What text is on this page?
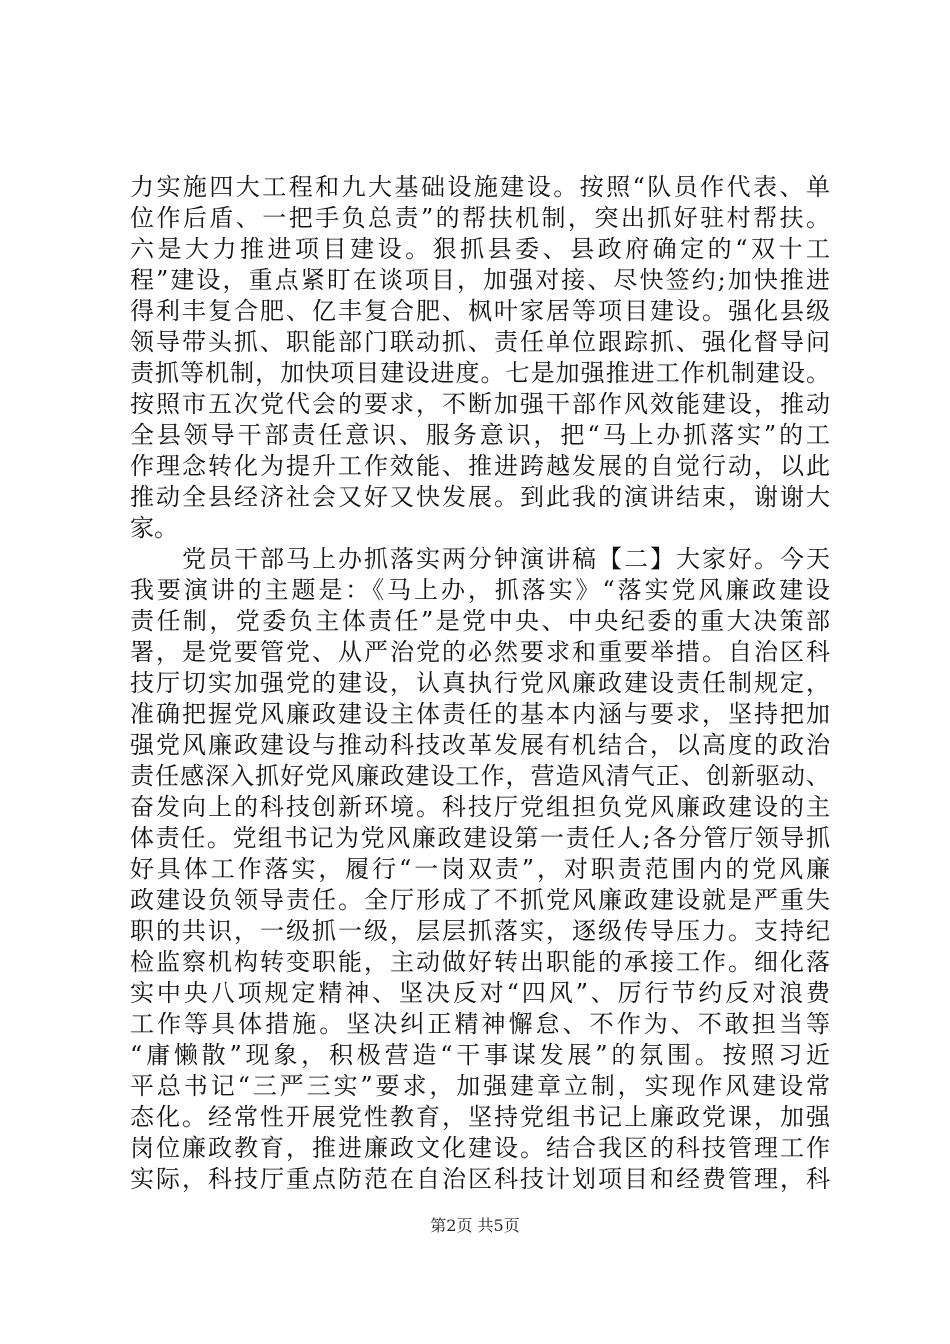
力实施四大工程和九大基础设施建设。按照“队员作代表、单
位作后盾、一把手负总责”的帮扶机制，突出抓好驻村帮扶。
六是大力推进项目建设。狠抓县委、县政府确定的“双十工
程”建设，重点紧盯在谈项目，加强对接、尽快签约;加快推进
得利丰复合肥、亿丰复合肥、枫叶家居等项目建设。强化县级
领导带头抓、职能部门联动抓、责任单位跟踪抓、强化督导问
责抓等机制，加快项目建设进度。七是加强推进工作机制建设。
按照市五次党代会的要求，不断加强干部作风效能建设，推动
全县领导干部责任意识、服务意识，把“马上办抓落实”的工
作理念转化为提升工作效能、推进跨越发展的自觉行动，以此
推动全县经济社会又好又快发展。到此我的演讲结束，谢谢大
家。
党员干部马上办抓落实两分钟演讲稿【二】大家好。今天
我要演讲的主题是：《马上办，抓落实》“落实党风廉政建设
责任制，党委负主体责任”是党中央、中央纪委的重大决策部
署，是党要管党、从严治党的必然要求和重要举措。自治区科
技厅切实加强党的建设，认真执行党风廉政建设责任制规定，
准确把握党风廉政建设主体责任的基本内涵与要求，坚持把加
强党风廉政建设与推动科技改革发展有机结合，以高度的政治
责任感深入抓好党风廉政建设工作，营造风清气正、创新驱动、
奋发向上的科技创新环境。科技厅党组担负党风廉政建设的主
体责任。党组书记为党风廉政建设第一责任人;各分管厅领导抓
好具体工作落实，履行“一岗双责”，对职责范围内的党风廉
政建设负领导责任。全厅形成了不抓党风廉政建设就是严重失
职的共识，一级抓一级，层层抓落实，逐级传导压力。支持纪
检监察机构转变职能，主动做好转出职能的承接工作。细化落
实中央八项规定精神、坚决反对“四风”、厉行节约反对浪费
工作等具体措施。坚决纠正精神懈怠、不作为、不敢担当等
“庸懒散”现象，积极营造“干事谋发展”的氛围。按照习近
平总书记“三严三实”要求，加强建章立制，实现作风建设常
态化。经常性开展党性教育，坚持党组书记上廉政党课，加强
岗位廉政教育，推进廉政文化建设。结合我区的科技管理工作
实际，科技厅重点防范在自治区科技计划项目和经费管理，科
第2页 共5页
